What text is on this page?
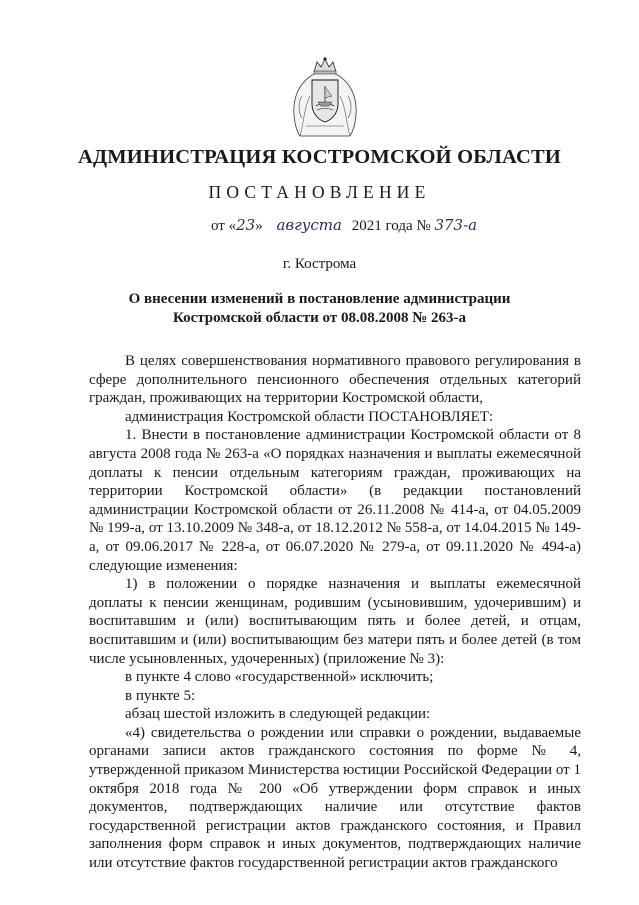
АДМИНИСТРАЦИЯ КОСТРОМСКОЙ ОБЛАСТИ
ПОСТАНОВЛЕНИЕ
от «23» августа 2021 года № 373-а
г. Кострома
О внесении изменений в постановление администрации
Костромской области от 08.08.2008 № 263-а

В целях совершенствования нормативного правового регулирования в сфере дополнительного пенсионного обеспечения отдельных категорий граждан, проживающих на территории Костромской области,

администрация Костромской области ПОСТАНОВЛЯЕТ:

1. Внести в постановление администрации Костромской области от 8 августа 2008 года № 263-а «О порядках назначения и выплаты ежемесячной доплаты к пенсии отдельным категориям граждан, проживающих на территории Костромской области» (в редакции постановлений администрации Костромской области от 26.11.2008 № 414-а, от 04.05.2009 № 199-а, от 13.10.2009 № 348-а, от 18.12.2012 № 558-а, от 14.04.2015 № 149-а, от 09.06.2017 № 228-а, от 06.07.2020 № 279-а, от 09.11.2020 № 494-а) следующие изменения:

1) в положении о порядке назначения и выплаты ежемесячной доплаты к пенсии женщинам, родившим (усыновившим, удочерившим) и воспитавшим и (или) воспитывающим пять и более детей, и отцам, воспитавшим и (или) воспитывающим без матери пять и более детей (в том числе усыновленных, удочеренных) (приложение № 3):

в пункте 4 слово «государственной» исключить;

в пункте 5:

абзац шестой изложить в следующей редакции:

«4) свидетельства о рождении или справки о рождении, выдаваемые органами записи актов гражданского состояния по форме № 4, утвержденной приказом Министерства юстиции Российской Федерации от 1 октября 2018 года № 200 «Об утверждении форм справок и иных документов, подтверждающих наличие или отсутствие фактов государственной регистрации актов гражданского состояния, и Правил заполнения форм справок и иных документов, подтверждающих наличие или отсутствие фактов государственной регистрации актов гражданского
